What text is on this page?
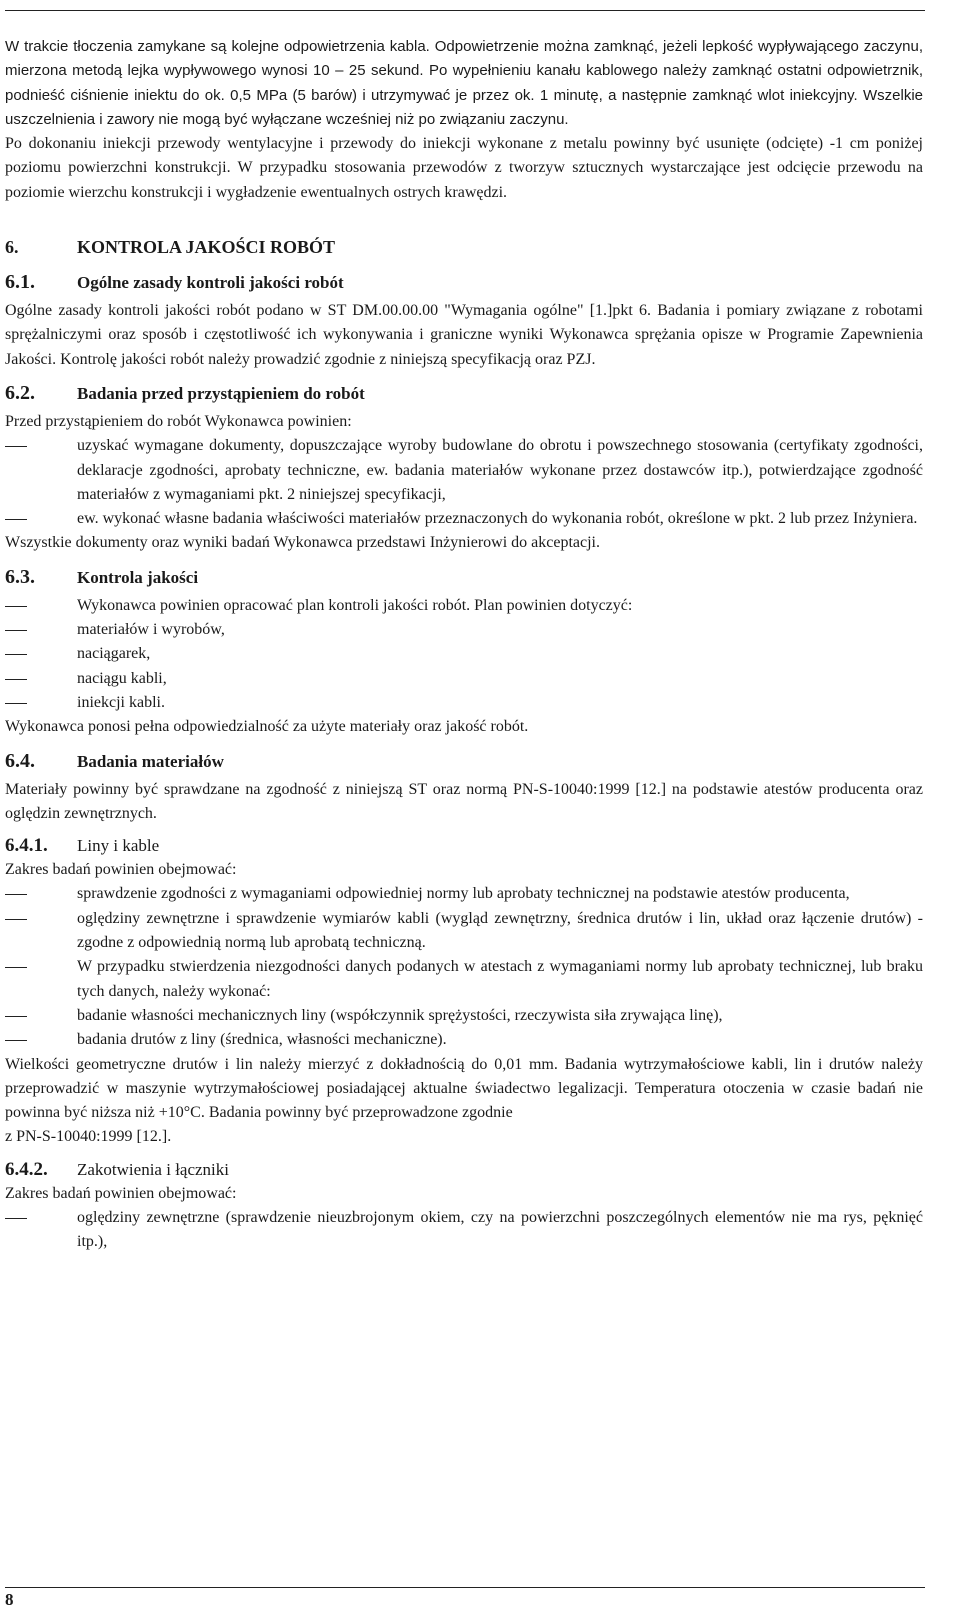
W trakcie tłoczenia zamykane są kolejne odpowietrzenia kabla. Odpowietrzenie można zamknąć, jeżeli lepkość wypływającego zaczynu, mierzona metodą lejka wypływowego wynosi 10 – 25 sekund. Po wypełnieniu kanału kablowego należy zamknąć ostatni odpowietrznik, podnieść ciśnienie iniektu do ok. 0,5 MPa (5 barów) i utrzymywać je przez ok. 1 minutę, a następnie zamknąć wlot iniekcyjny. Wszelkie uszczelnienia i zawory nie mogą być wyłączane wcześniej niż po związaniu zaczynu.

Po dokonaniu iniekcji przewody wentylacyjne i przewody do iniekcji wykonane z metalu powinny być usunięte (odcięte) -1 cm poniżej poziomu powierzchni konstrukcji. W przypadku stosowania przewodów z tworzyw sztucznych wystarczające jest odcięcie przewodu na poziomie wierzchu konstrukcji i wygładzenie ewentualnych ostrych krawędzi.

6.	KONTROLA JAKOŚCI ROBÓT
6.1.	Ogólne zasady kontroli jakości robót

Ogólne zasady kontroli jakości robót podano w ST DM.00.00.00 "Wymagania ogólne" [1.]pkt 6. Badania i pomiary związane z robotami sprężalniczymi oraz sposób i częstotliwość ich wykonywania i graniczne wyniki Wykonawca sprężania opisze w Programie Zapewnienia Jakości. Kontrolę jakości robót należy prowadzić zgodnie z niniejszą specyfikacją oraz PZJ.

6.2.	Badania przed przystąpieniem do robót

Przed przystąpieniem do robót Wykonawca powinien:

uzyskać wymagane dokumenty, dopuszczające wyroby budowlane do obrotu i powszechnego stosowania (certyfikaty zgodności, deklaracje zgodności, aprobaty techniczne, ew. badania materiałów wykonane przez dostawców itp.), potwierdzające zgodność materiałów z wymaganiami pkt. 2 niniejszej specyfikacji,
ew. wykonać własne badania właściwości materiałów przeznaczonych do wykonania robót, określone w pkt. 2 lub przez Inżyniera.

Wszystkie dokumenty oraz wyniki badań Wykonawca przedstawi Inżynierowi do akceptacji.

6.3.	Kontrola jakości
Wykonawca powinien opracować plan kontroli jakości robót. Plan powinien dotyczyć:
materiałów i wyrobów,
naciągarek,
naciągu kabli,
iniekcji kabli.

Wykonawca ponosi pełna odpowiedzialność za użyte materiały oraz jakość robót.

6.4.	Badania materiałów

Materiały powinny być sprawdzane na zgodność z niniejszą ST oraz normą PN-S-10040:1999 [12.] na podstawie atestów producenta oraz oględzin zewnętrznych.

6.4.1.	Liny i kable

Zakres badań powinien obejmować:

sprawdzenie zgodności z wymaganiami odpowiedniej normy lub aprobaty technicznej na podstawie atestów producenta,
oględziny zewnętrzne i sprawdzenie wymiarów kabli (wygląd zewnętrzny, średnica drutów i lin, układ oraz łączenie drutów) - zgodne z odpowiednią normą lub aprobatą techniczną.
W przypadku stwierdzenia niezgodności danych podanych w atestach z wymaganiami normy lub aprobaty technicznej, lub braku tych danych, należy wykonać:
badanie własności mechanicznych liny (współczynnik sprężystości, rzeczywista siła zrywająca linę),
badania drutów z liny (średnica, własności mechaniczne).

Wielkości geometryczne drutów i lin należy mierzyć z dokładnością do 0,01 mm. Badania wytrzymałościowe kabli, lin i drutów należy przeprowadzić w maszynie wytrzymałościowej posiadającej aktualne świadectwo legalizacji. Temperatura otoczenia w czasie badań nie powinna być niższa niż +10°C. Badania powinny być przeprowadzone zgodnie

z PN-S-10040:1999 [12.].

6.4.2.	Zakotwienia i łączniki

Zakres badań powinien obejmować:

oględziny zewnętrzne (sprawdzenie nieuzbrojonym okiem, czy na powierzchni poszczególnych elementów nie ma rys, pęknięć itp.),
8
